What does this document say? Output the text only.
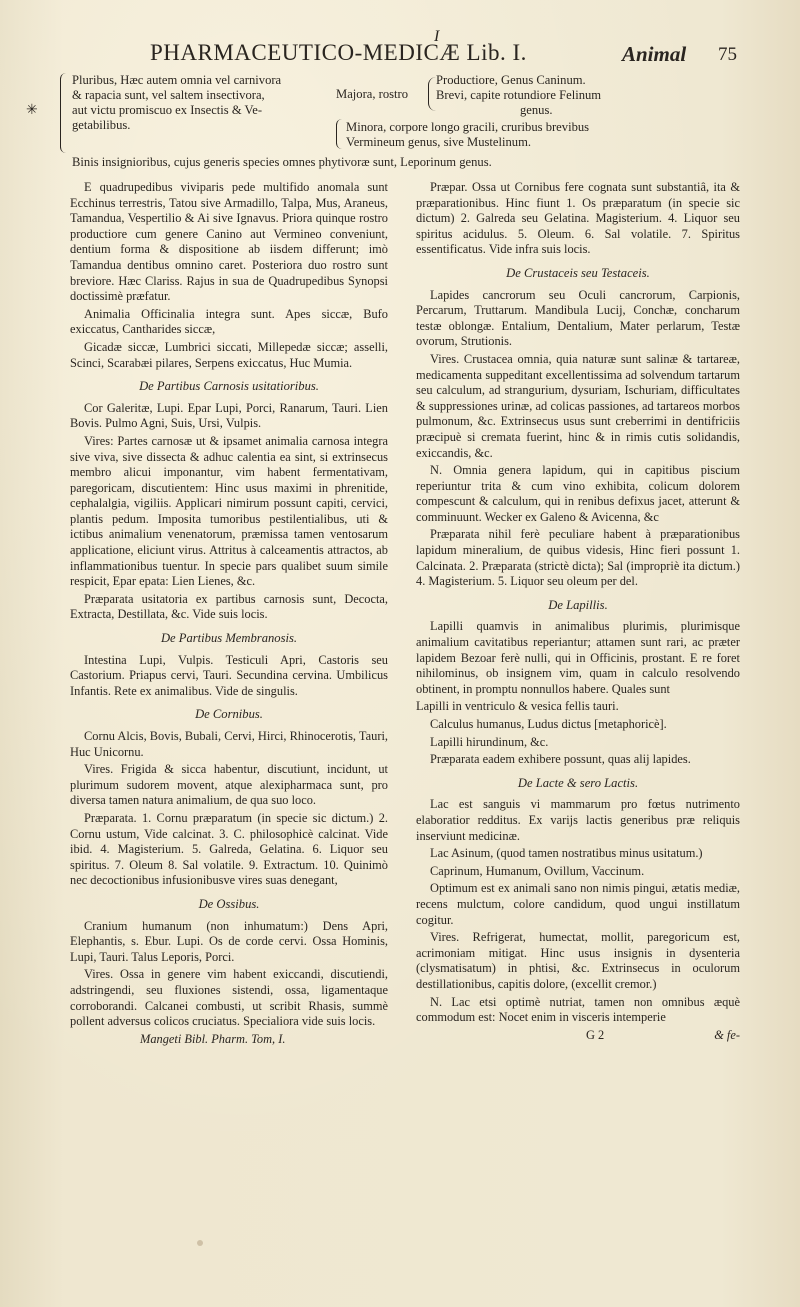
I
PHARMACEUTICO-MEDICÆ Lib. I.	Animal 75
✳
Pluribus, Hæc autem omnia vel carnivora
& rapacia sunt, vel saltem insectivora,
aut victu promiscuo ex Insectis & Ve-
getabilibus.
Majora, rostro
Productiore, Genus Caninum.
Brevi, capite rotundiore Felinum
genus.
Minora, corpore longo gracili, cruribus brevibus
Vermineum genus, sive Mustelinum.
Binis insignioribus, cujus generis species omnes phytivoræ sunt, Leporinum genus.

E quadrupedibus viviparis pede multifido anomala sunt Ecchinus terrestris, Tatou sive Armadillo, Talpa, Mus, Araneus, Tamandua, Vespertilio & Ai sive Ignavus. Priora quinque rostro productiore cum genere Canino aut Vermineo conveniunt, dentium forma & dispositione ab iisdem differunt; imò Tamandua dentibus omnino caret. Posteriora duo rostro sunt breviore. Hæc Clariss. Rajus in sua de Quadrupedibus Synopsi doctissimè præfatur.

Animalia Officinalia integra sunt. Apes siccæ, Bufo exiccatus, Cantharides siccæ,

Gicadæ siccæ, Lumbrici siccati, Millepedæ siccæ; asselli, Scinci, Scarabæi pilares, Serpens exiccatus, Huc Mumia.

De Partibus Carnosis usitatioribus.

Cor Galeritæ, Lupi. Epar Lupi, Porci, Ranarum, Tauri. Lien Bovis. Pulmo Agni, Suis, Ursi, Vulpis.

Vires: Partes carnosæ ut & ipsamet animalia carnosa integra sive viva, sive dissecta & adhuc calentia ea sint, si extrinsecus membro alicui imponantur, vim habent fermentativam, paregoricam, discutientem: Hinc usus maximi in phrenitide, cephalalgia, vigiliis. Applicari nimirum possunt capiti, cervici, plantis pedum. Imposita tumoribus pestilentialibus, uti & ictibus animalium venenatorum, præmissa tamen ventosarum applicatione, eliciunt virus. Attritus à calceamentis attractos, ab inflammationibus tuentur. In specie pars qualibet suum simile respicit, Epar epata: Lien Lienes, &c.

Præparata usitatoria ex partibus carnosis sunt, Decocta, Extracta, Destillata, &c. Vide suis locis.

De Partibus Membranosis.

Intestina Lupi, Vulpis. Testiculi Apri, Castoris seu Castorium. Priapus cervi, Tauri. Secundina cervina. Umbilicus Infantis. Rete ex animalibus. Vide de singulis.

De Cornibus.

Cornu Alcis, Bovis, Bubali, Cervi, Hirci, Rhinocerotis, Tauri, Huc Unicornu.

Vires. Frigida & sicca habentur, discutiunt, incidunt, ut plurimum sudorem movent, atque alexipharmaca sunt, pro diversa tamen natura animalium, de qua suo loco.

Præparata. 1. Cornu præparatum (in specie sic dictum.) 2. Cornu ustum, Vide calcinat. 3. C. philosophicè calcinat. Vide ibid. 4. Magisterium. 5. Galreda, Gelatina. 6. Liquor seu spiritus. 7. Oleum 8. Sal volatile. 9. Extractum. 10. Quinimò nec decoctionibus infusionibusve vires suas denegant,

De Ossibus.

Cranium humanum (non inhumatum:) Dens Apri, Elephantis, s. Ebur. Lupi. Os de corde cervi. Ossa Hominis, Lupi, Tauri. Talus Leporis, Porci.

Vires. Ossa in genere vim habent exiccandi, discutiendi, adstringendi, seu fluxiones sistendi, ossa, ligamentaque corroborandi. Calcanei combusti, ut scribit Rhasis, summè pollent adversus colicos cruciatus. Specialiora vide suis locis.

Mangeti Bibl. Pharm. Tom, I.

Præpar. Ossa ut Cornibus fere cognata sunt substantiâ, ita & præparationibus. Hinc fiunt 1. Os præparatum (in specie sic dictum) 2. Galreda seu Gelatina. Magisterium. 4. Liquor seu spiritus acidulus. 5. Oleum. 6. Sal volatile. 7. Spiritus essentificatus. Vide infra suis locis.

De Crustaceis seu Testaceis.

Lapides cancrorum seu Oculi cancrorum, Carpionis, Percarum, Truttarum. Mandibula Lucij, Conchæ, concharum testæ oblongæ. Entalium, Dentalium, Mater perlarum, Testæ ovorum, Strutionis.

Vires. Crustacea omnia, quia naturæ sunt salinæ & tartareæ, medicamenta suppeditant excellentissima ad solvendum tartarum seu calculum, ad strangurium, dysuriam, Ischuriam, difficultates & suppressiones urinæ, ad colicas passiones, ad tartareos morbos pulmonum, &c. Extrinsecus usus sunt creberrimi in dentifriciis præcipuè si cremata fuerint, hinc & in rimis cutis solidandis, exiccandis, &c.

N. Omnia genera lapidum, qui in capitibus piscium reperiuntur trita & cum vino exhibita, colicum dolorem compescunt & calculum, qui in renibus defixus jacet, atterunt & comminuunt. Wecker ex Galeno & Avicenna, &c

Præparata nihil ferè peculiare habent à præparationibus lapidum mineralium, de quibus videsis, Hinc fieri possunt 1. Calcinata. 2. Præparata (strictè dicta); Sal (impropriè ita dictum.) 4. Magisterium. 5. Liquor seu oleum per del.

De Lapillis.

Lapilli quamvis in animalibus plurimis, plurimisque animalium cavitatibus reperiantur; attamen sunt rari, ac præter lapidem Bezoar ferè nulli, qui in Officinis, prostant. E re foret nihilominus, ob insignem vim, quam in calculo resolvendo obtinent, in promptu nonnullos habere. Quales sunt

Lapilli in ventriculo & vesica fellis tauri.

Calculus humanus, Ludus dictus [metaphoricè].

Lapilli hirundinum, &c.

Præparata eadem exhibere possunt, quas alij lapides.

De Lacte & sero Lactis.

Lac est sanguis vi mammarum pro fœtus nutrimento elaboratior redditus. Ex varijs lactis generibus præ reliquis inserviunt medicinæ.

Lac Asinum, (quod tamen nostratibus minus usitatum.)

Caprinum, Humanum, Ovillum, Vaccinum.

Optimum est ex animali sano non nimis pingui, ætatis mediæ, recens mulctum, colore candidum, quod ungui instillatum cogitur.

Vires. Refrigerat, humectat, mollit, paregoricum est, acrimoniam mitigat. Hinc usus insignis in dysenteria (clysmatisatum) in phtisi, &c. Extrinsecus in oculorum destillationibus, capitis dolore, (excellit cremor.)

N. Lac etsi optimè nutriat, tamen non omnibus æquè commodum est: Nocet enim in visceris intemperie

G 2	& fe-
